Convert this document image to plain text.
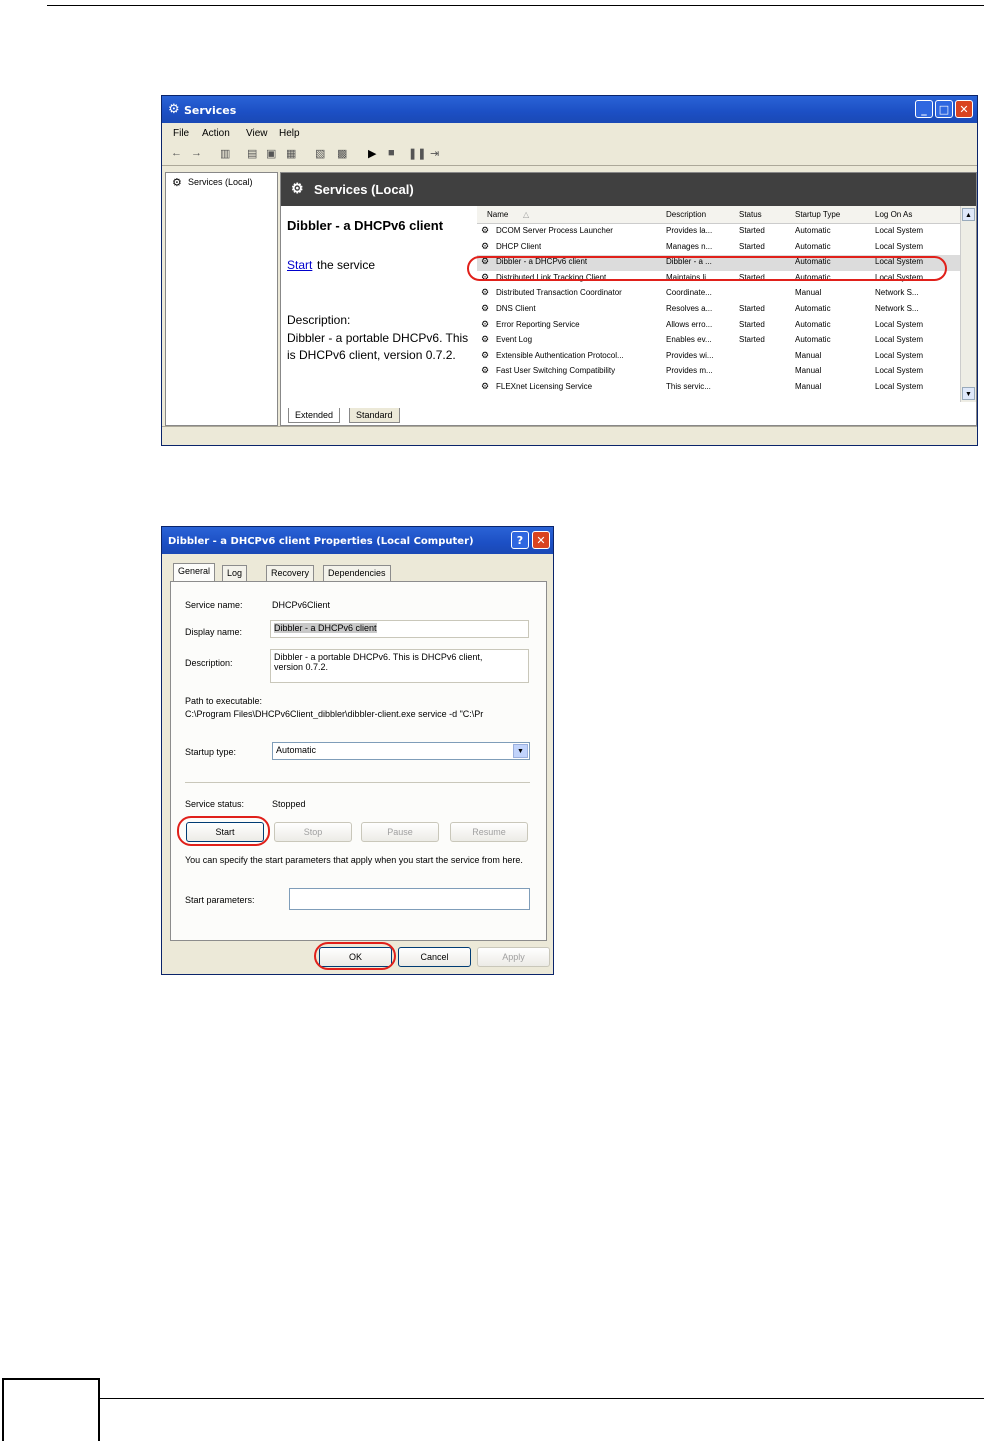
⚙ Services	_	□ ✕
File Action View Help
← → ▥ ▤ ▣ ▦ ▧ ▩ ▶ ■ ❚❚ ⇥
⚙ Services (Local)	⚙ Services (Local)
Dibbler - a DHCPv6 client
Start the service
Description:
Dibbler - a portable DHCPv6. This is DHCPv6 client, version 0.7.2.
Name △	Description	Status	Startup Type	Log On As
⚙ DCOM Server Process Launcher	Provides la...	Started	Automatic	Local System
⚙ DHCP Client	Manages n...	Started	Automatic	Local System
⚙ Dibbler - a DHCPv6 client	Dibbler - a ...	Automatic	Local System
⚙ Distributed Link Tracking Client	Maintains li...	Started	Automatic	Local System
⚙ Distributed Transaction Coordinator	Coordinate...	Manual	Network S...
⚙ DNS Client	Resolves a...	Started	Automatic	Network S...
⚙ Error Reporting Service	Allows erro...	Started	Automatic	Local System
⚙ Event Log	Enables ev...	Started	Automatic	Local System
⚙ Extensible Authentication Protocol...	Provides wi...	Manual	Local System
⚙ Fast User Switching Compatibility	Provides m...	Manual	Local System
⚙ FLEXnet Licensing Service	This servic...	Manual	Local System
▲
▼
Extended	Standard
Dibbler - a DHCPv6 client Properties (Local Computer)	?	✕
General	Log	Recovery	Dependencies
Service name:	DHCPv6Client
Display name:	Dibbler - a DHCPv6 client
Description:
Dibbler - a portable DHCPv6. This is DHCPv6 client, version 0.7.2.
Path to executable:
C:\Program Files\DHCPv6Client_dibbler\dibbler-client.exe service -d "C:\Pr
Startup type:	Automatic	▼
Service status:	Stopped
Start	Stop	Pause	Resume
You can specify the start parameters that apply when you start the service from here.
Start parameters:
OK	Cancel	Apply
